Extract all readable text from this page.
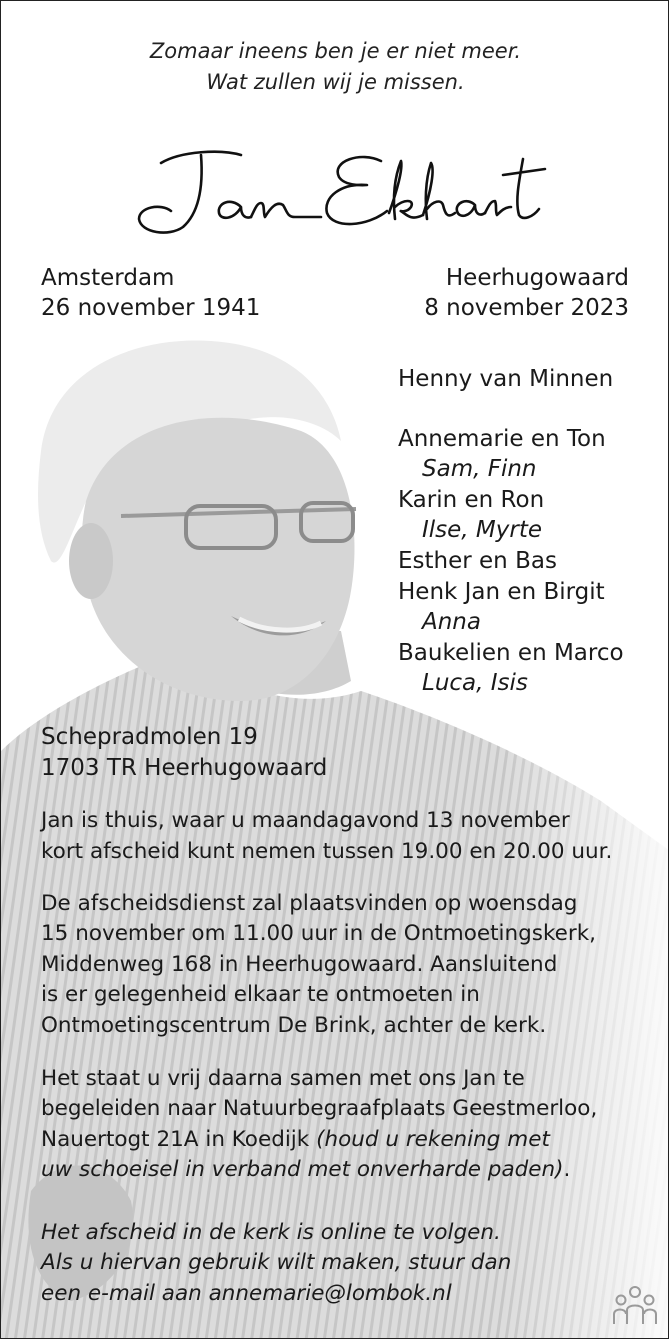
Zomaar ineens ben je er niet meer.

Wat zullen wij je missen.

Amsterdam

26 november 1941

Heerhugowaard

8 november 2023

Henny van Minnen

Annemarie en Ton

Sam, Finn

Karin en Ron

Ilse, Myrte

Esther en Bas

Henk Jan en Birgit

Anna

Baukelien en Marco

Luca, Isis

Schepradmolen 19

1703 TR Heerhugowaard

Jan is thuis, waar u maandagavond 13 november

kort afscheid kunt nemen tussen 19.00 en 20.00 uur.

De afscheidsdienst zal plaatsvinden op woensdag

15 november om 11.00 uur in de Ontmoetingskerk,

Middenweg 168 in Heerhugowaard. Aansluitend

is er gelegenheid elkaar te ontmoeten in

Ontmoetingscentrum De Brink, achter de kerk.

Het staat u vrij daarna samen met ons Jan te

begeleiden naar Natuurbegraafplaats Geestmerloo,

Nauertogt 21A in Koedijk (houd u rekening met

uw schoeisel in verband met onverharde paden).

Het afscheid in de kerk is online te volgen.

Als u hiervan gebruik wilt maken, stuur dan

een e-mail aan annemarie@lombok.nl
